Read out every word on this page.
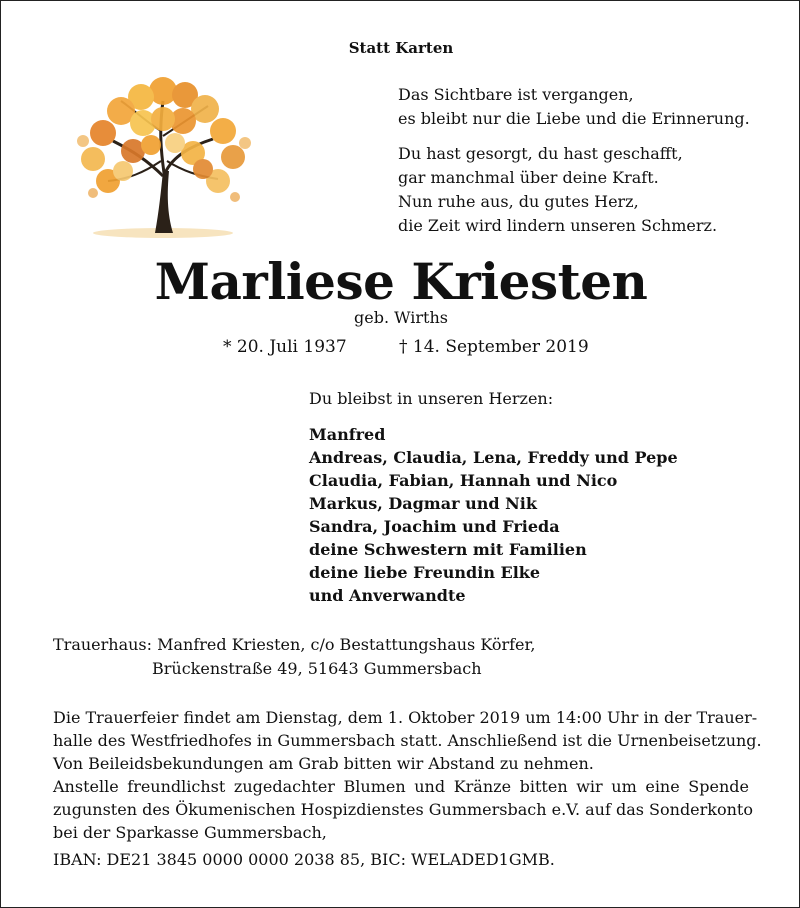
Statt Karten
Das Sichtbare ist vergangen,
es bleibt nur die Liebe und die Erinnerung.
Du hast gesorgt, du hast geschafft,
gar manchmal über deine Kraft.
Nun ruhe aus, du gutes Herz,
die Zeit wird lindern unseren Schmerz.
Marliese Kriesten
geb. Wirths
* 20. Juli 1937	† 14. September 2019
Du bleibst in unseren Herzen:
Manfred
Andreas, Claudia, Lena, Freddy und Pepe
Claudia, Fabian, Hannah und Nico
Markus, Dagmar und Nik
Sandra, Joachim und Frieda
deine Schwestern mit Familien
deine liebe Freundin Elke
und Anverwandte
Trauerhaus: Manfred Kriesten, c/o Bestattungshaus Körfer,
Brückenstraße 49, 51643 Gummersbach
Die Trauerfeier findet am Dienstag, dem 1. Oktober 2019 um 14:00 Uhr in der Trauer-
halle des Westfriedhofes in Gummersbach statt. Anschließend ist die Urnenbeisetzung.
Von Beileidsbekundungen am Grab bitten wir Abstand zu nehmen.
Anstelle freundlichst zugedachter Blumen und Kränze bitten wir um eine Spende
zugunsten des Ökumenischen Hospizdienstes Gummersbach e.V. auf das Sonderkonto
bei der Sparkasse Gummersbach,
IBAN: DE21 3845 0000 0000 2038 85, BIC: WELADED1GMB.
